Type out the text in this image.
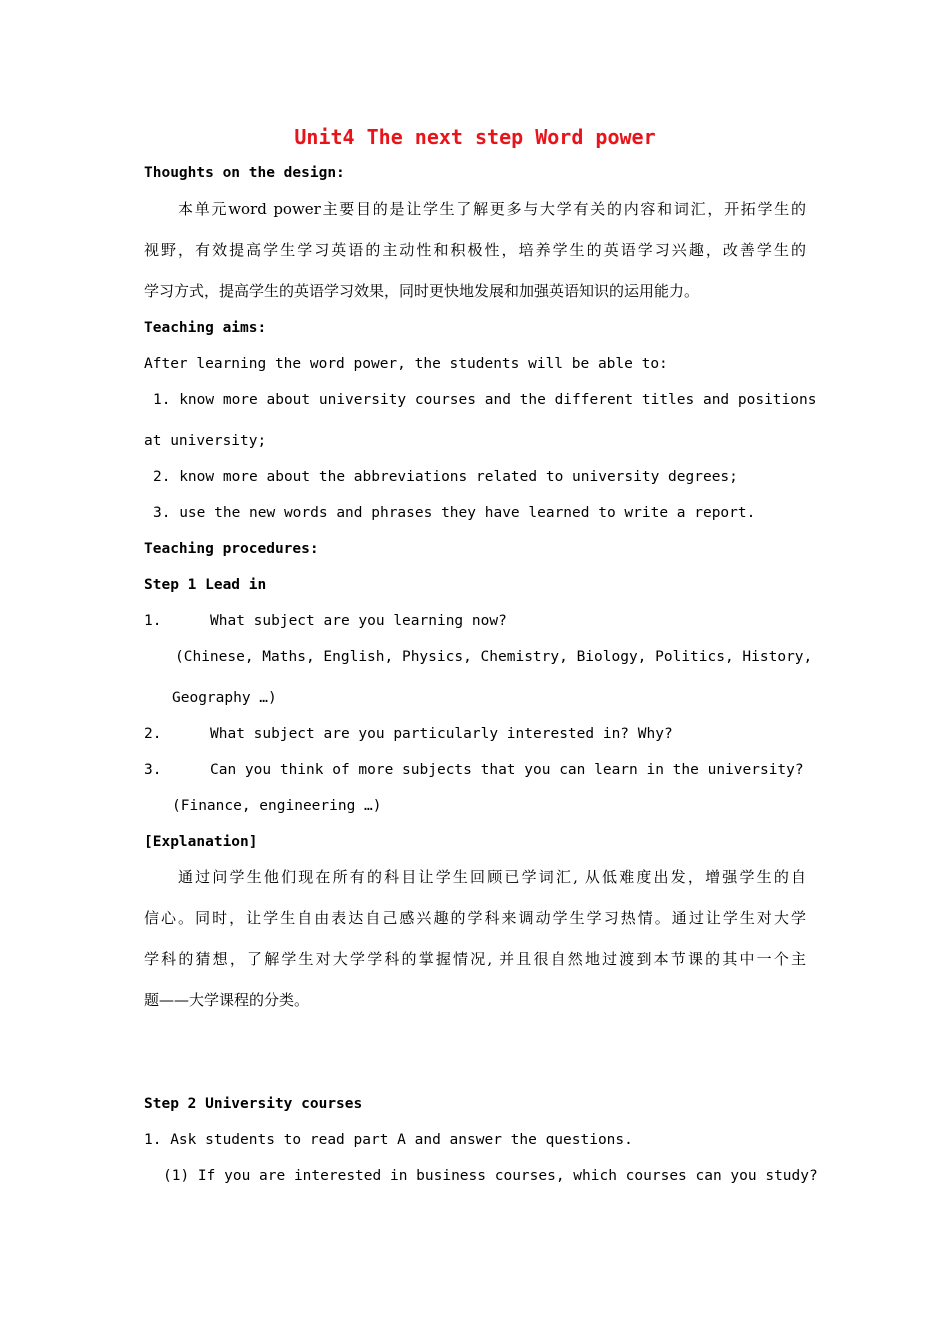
Unit4 The next step Word power
Thoughts on the design:
本单元word power主要目的是让学生了解更多与大学有关的内容和词汇，开拓学生的
视野，有效提高学生学习英语的主动性和积极性，培养学生的英语学习兴趣，改善学生的
学习方式，提高学生的英语学习效果，同时更快地发展和加强英语知识的运用能力。
Teaching aims:
After learning the word power, the students will be able to:
1. know more about university courses and the different titles and positions
at university;
2. know more about the abbreviations related to university degrees;
3. use the new words and phrases they have learned to write a report.
Teaching procedures:
Step 1 Lead in
1.	What subject are you learning now?
(Chinese, Maths, English, Physics, Chemistry, Biology, Politics, History,
Geography …)
2.	What subject are you particularly interested in? Why?
3.	Can you think of more subjects that you can learn in the university?
(Finance, engineering …)
[Explanation]
通过问学生他们现在所有的科目让学生回顾已学词汇, 从低难度出发，增强学生的自
信心。同时，让学生自由表达自己感兴趣的学科来调动学生学习热情。通过让学生对大学
学科的猜想，了解学生对大学学科的掌握情况, 并且很自然地过渡到本节课的其中一个主
题——大学课程的分类。
Step 2 University courses
1. Ask students to read part A and answer the questions.
(1) If you are interested in business courses, which courses can you study?
